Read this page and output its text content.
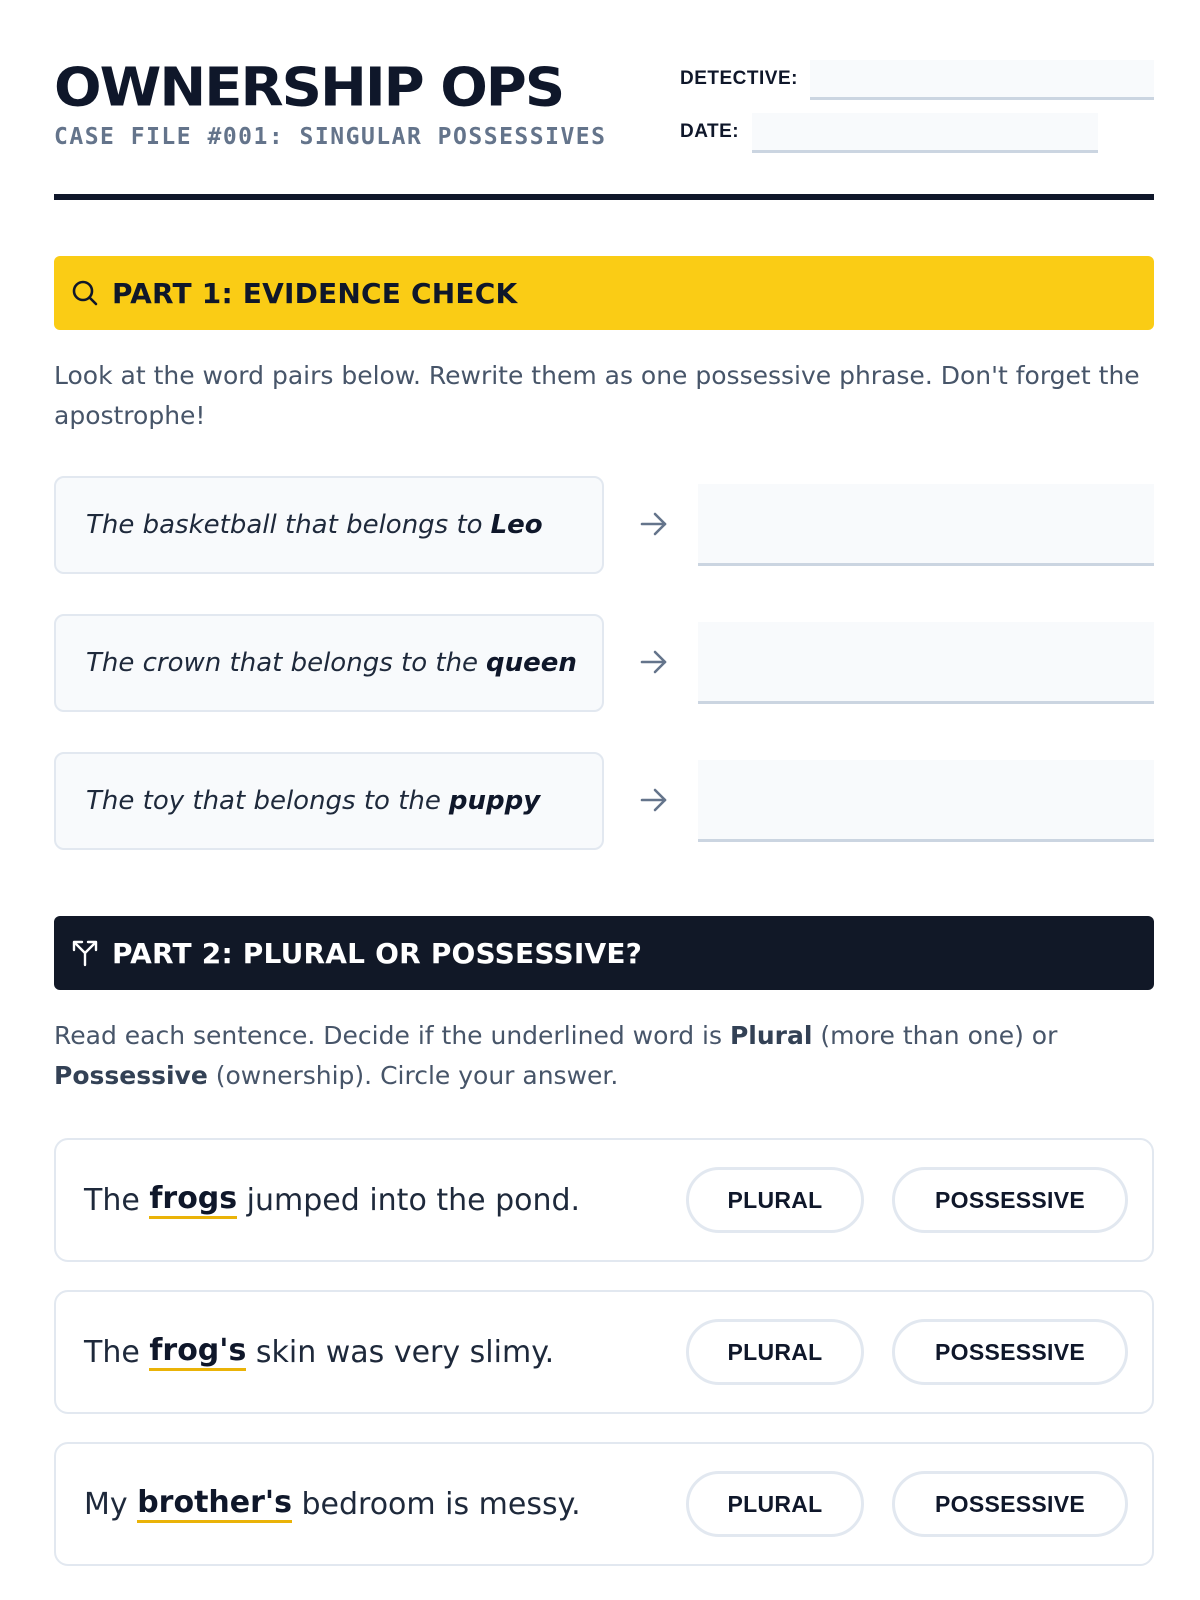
OWNERSHIP OPS
CASE FILE #001: SINGULAR POSSESSIVES
DETECTIVE:
DATE:
PART 1: EVIDENCE CHECK
Look at the word pairs below. Rewrite them as one possessive phrase. Don't forget the apostrophe!
The basketball that belongs to Leo
The crown that belongs to the queen
The toy that belongs to the puppy
PART 2: PLURAL OR POSSESSIVE?
Read each sentence. Decide if the underlined word is Plural (more than one) or Possessive (ownership). Circle your answer.
The frogs jumped into the pond.	PLURAL	POSSESSIVE
The frog's skin was very slimy.	PLURAL	POSSESSIVE
My brother's bedroom is messy.	PLURAL	POSSESSIVE
